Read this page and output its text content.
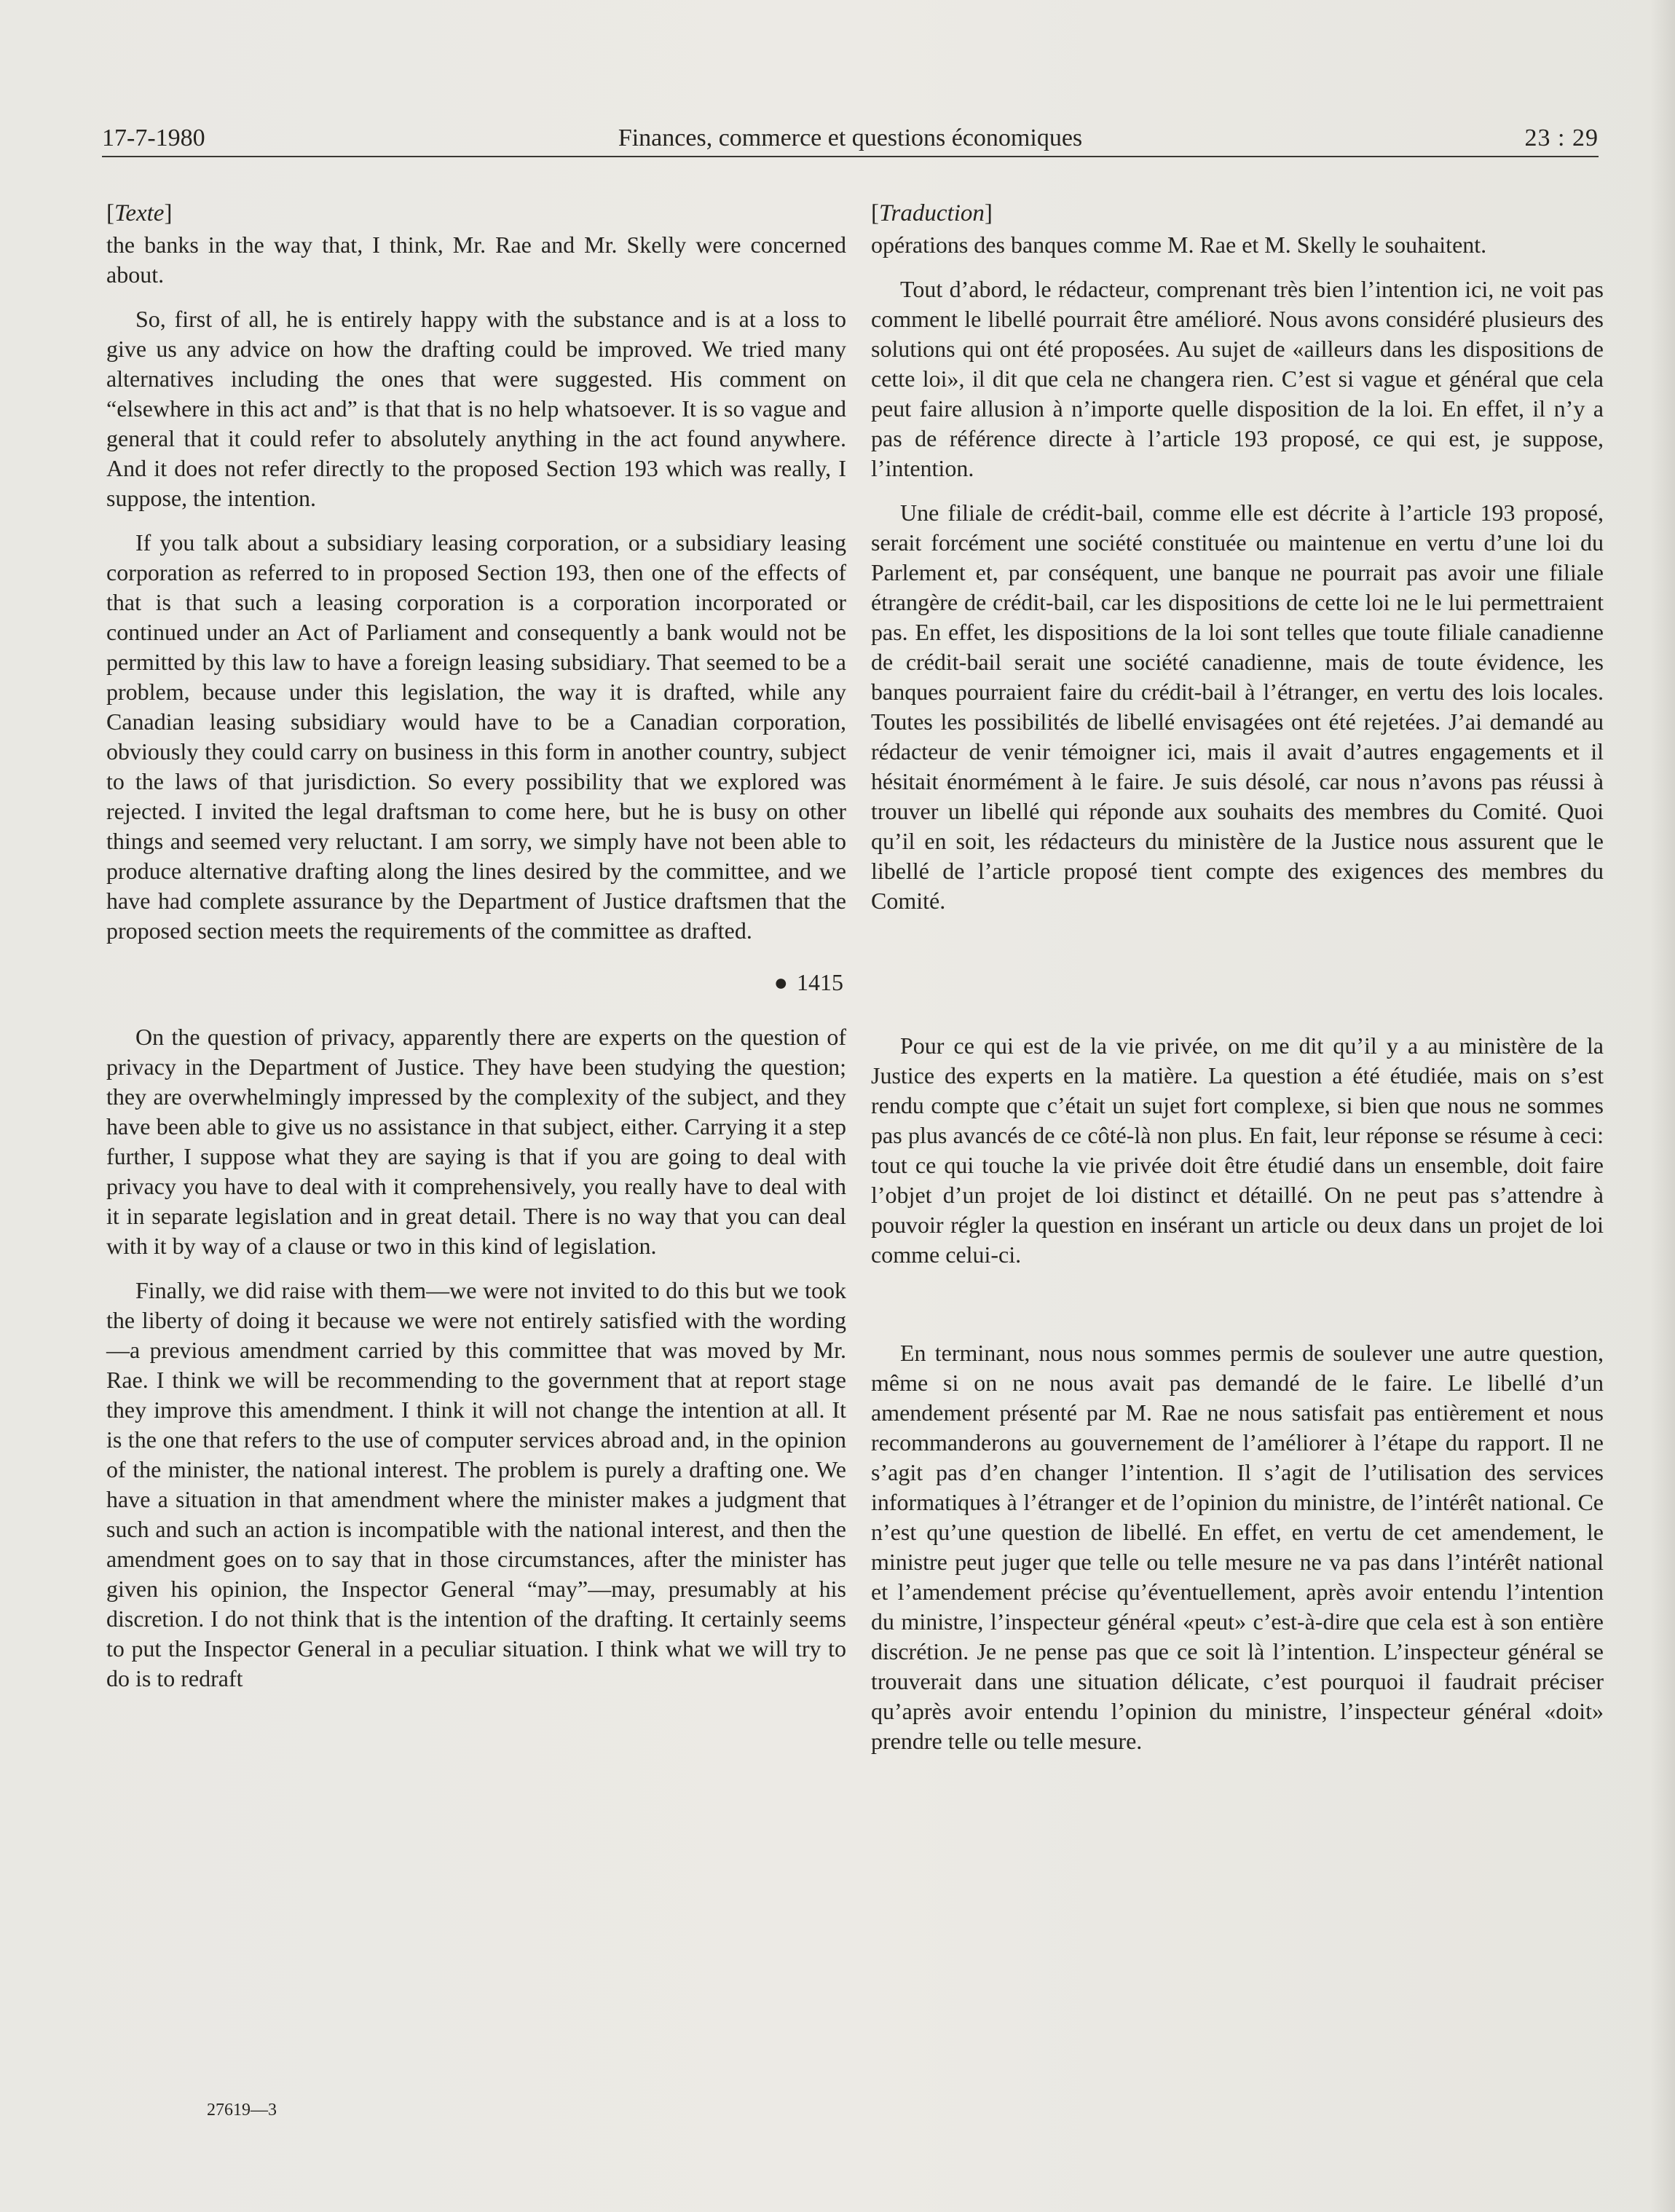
17-7-1980	Finances, commerce et questions économiques	23 : 29
[Texte]

the banks in the way that, I think, Mr. Rae and Mr. Skelly were concerned about.

So, first of all, he is entirely happy with the substance and is at a loss to give us any advice on how the drafting could be improved. We tried many alternatives including the ones that were suggested. His comment on “elsewhere in this act and” is that that is no help whatsoever. It is so vague and general that it could refer to absolutely anything in the act found anywhere. And it does not refer directly to the proposed Section 193 which was really, I suppose, the intention.

If you talk about a subsidiary leasing corporation, or a subsidiary leasing corporation as referred to in proposed Section 193, then one of the effects of that is that such a leasing corporation is a corporation incorporated or continued under an Act of Parliament and consequently a bank would not be permitted by this law to have a foreign leasing subsidiary. That seemed to be a problem, because under this legislation, the way it is drafted, while any Canadian leasing subsidiary would have to be a Canadian corporation, obviously they could carry on business in this form in another country, subject to the laws of that jurisdiction. So every possibility that we explored was rejected. I invited the legal draftsman to come here, but he is busy on other things and seemed very reluctant. I am sorry, we simply have not been able to produce alternative drafting along the lines desired by the committee, and we have had complete assurance by the Department of Justice draftsmen that the proposed section meets the requirements of the committee as drafted.

● 1415

On the question of privacy, apparently there are experts on the question of privacy in the Department of Justice. They have been studying the question; they are overwhelmingly impressed by the complexity of the subject, and they have been able to give us no assistance in that subject, either. Carrying it a step further, I suppose what they are saying is that if you are going to deal with privacy you have to deal with it comprehensively, you really have to deal with it in separate legislation and in great detail. There is no way that you can deal with it by way of a clause or two in this kind of legislation.

Finally, we did raise with them—we were not invited to do this but we took the liberty of doing it because we were not entirely satisfied with the wording—a previous amendment carried by this committee that was moved by Mr. Rae. I think we will be recommending to the government that at report stage they improve this amendment. I think it will not change the intention at all. It is the one that refers to the use of computer services abroad and, in the opinion of the minister, the national interest. The problem is purely a drafting one. We have a situation in that amendment where the minister makes a judgment that such and such an action is incompatible with the national interest, and then the amendment goes on to say that in those circumstances, after the minister has given his opinion, the Inspector General “may”—may, presumably at his discretion. I do not think that is the intention of the drafting. It certainly seems to put the Inspector General in a peculiar situation. I think what we will try to do is to redraft

[Traduction]

opérations des banques comme M. Rae et M. Skelly le souhaitent.

Tout d’abord, le rédacteur, comprenant très bien l’intention ici, ne voit pas comment le libellé pourrait être amélioré. Nous avons considéré plusieurs des solutions qui ont été proposées. Au sujet de «ailleurs dans les dispositions de cette loi», il dit que cela ne changera rien. C’est si vague et général que cela peut faire allusion à n’importe quelle disposition de la loi. En effet, il n’y a pas de référence directe à l’article 193 proposé, ce qui est, je suppose, l’intention.

Une filiale de crédit-bail, comme elle est décrite à l’article 193 proposé, serait forcément une société constituée ou maintenue en vertu d’une loi du Parlement et, par conséquent, une banque ne pourrait pas avoir une filiale étrangère de crédit-bail, car les dispositions de cette loi ne le lui permettraient pas. En effet, les dispositions de la loi sont telles que toute filiale canadienne de crédit-bail serait une société canadienne, mais de toute évidence, les banques pourraient faire du crédit-bail à l’étranger, en vertu des lois locales. Toutes les possibilités de libellé envisagées ont été rejetées. J’ai demandé au rédacteur de venir témoigner ici, mais il avait d’autres engagements et il hésitait énormément à le faire. Je suis désolé, car nous n’avons pas réussi à trouver un libellé qui réponde aux souhaits des membres du Comité. Quoi qu’il en soit, les rédacteurs du ministère de la Justice nous assurent que le libellé de l’article proposé tient compte des exigences des membres du Comité.

Pour ce qui est de la vie privée, on me dit qu’il y a au ministère de la Justice des experts en la matière. La question a été étudiée, mais on s’est rendu compte que c’était un sujet fort complexe, si bien que nous ne sommes pas plus avancés de ce côté-là non plus. En fait, leur réponse se résume à ceci: tout ce qui touche la vie privée doit être étudié dans un ensemble, doit faire l’objet d’un projet de loi distinct et détaillé. On ne peut pas s’attendre à pouvoir régler la question en insérant un article ou deux dans un projet de loi comme celui-ci.

En terminant, nous nous sommes permis de soulever une autre question, même si on ne nous avait pas demandé de le faire. Le libellé d’un amendement présenté par M. Rae ne nous satisfait pas entièrement et nous recommanderons au gouvernement de l’améliorer à l’étape du rapport. Il ne s’agit pas d’en changer l’intention. Il s’agit de l’utilisation des services informatiques à l’étranger et de l’opinion du ministre, de l’intérêt national. Ce n’est qu’une question de libellé. En effet, en vertu de cet amendement, le ministre peut juger que telle ou telle mesure ne va pas dans l’intérêt national et l’amendement précise qu’éventuellement, après avoir entendu l’intention du ministre, l’inspecteur général «peut» c’est-à-dire que cela est à son entière discrétion. Je ne pense pas que ce soit là l’intention. L’inspecteur général se trouverait dans une situation délicate, c’est pourquoi il faudrait préciser qu’après avoir entendu l’opinion du ministre, l’inspecteur général «doit» prendre telle ou telle mesure.

27619—3
